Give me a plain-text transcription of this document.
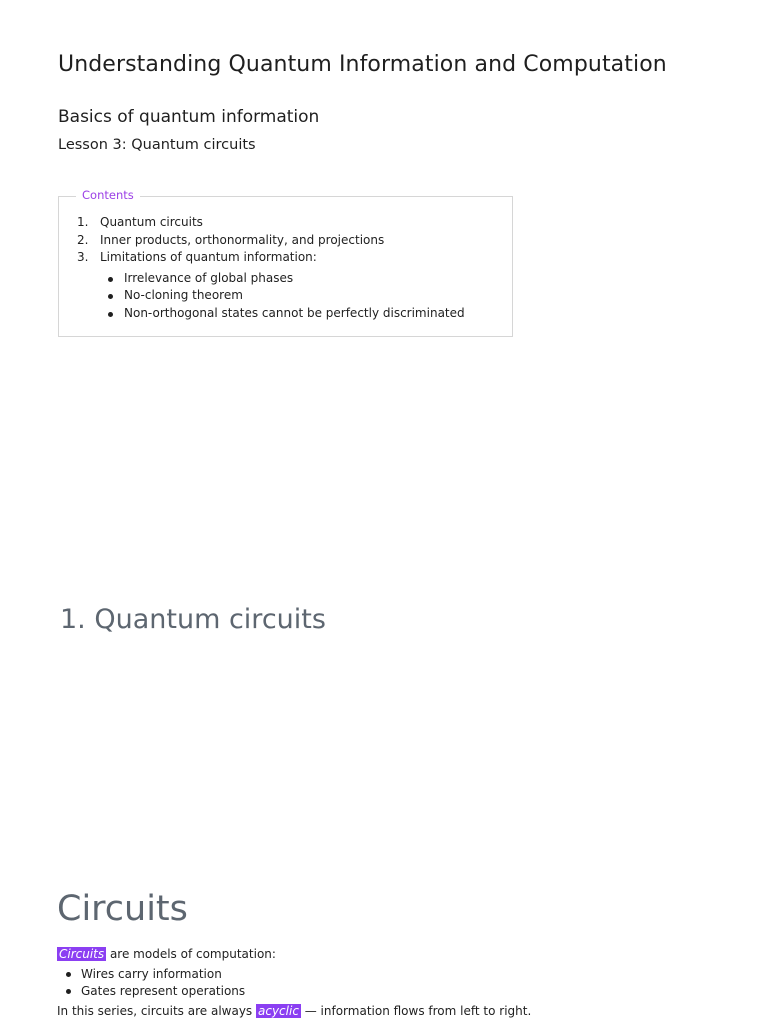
Understanding Quantum Information and Computation
Basics of quantum information
Lesson 3: Quantum circuits
Contents
1. Quantum circuits
2. Inner products, orthonormality, and projections
3. Limitations of quantum information:
Irrelevance of global phases
No-cloning theorem
Non-orthogonal states cannot be perfectly discriminated
1. Quantum circuits
Circuits

Circuits are models of computation:

Wires carry information
Gates represent operations

In this series, circuits are always acyclic — information flows from left to right.
